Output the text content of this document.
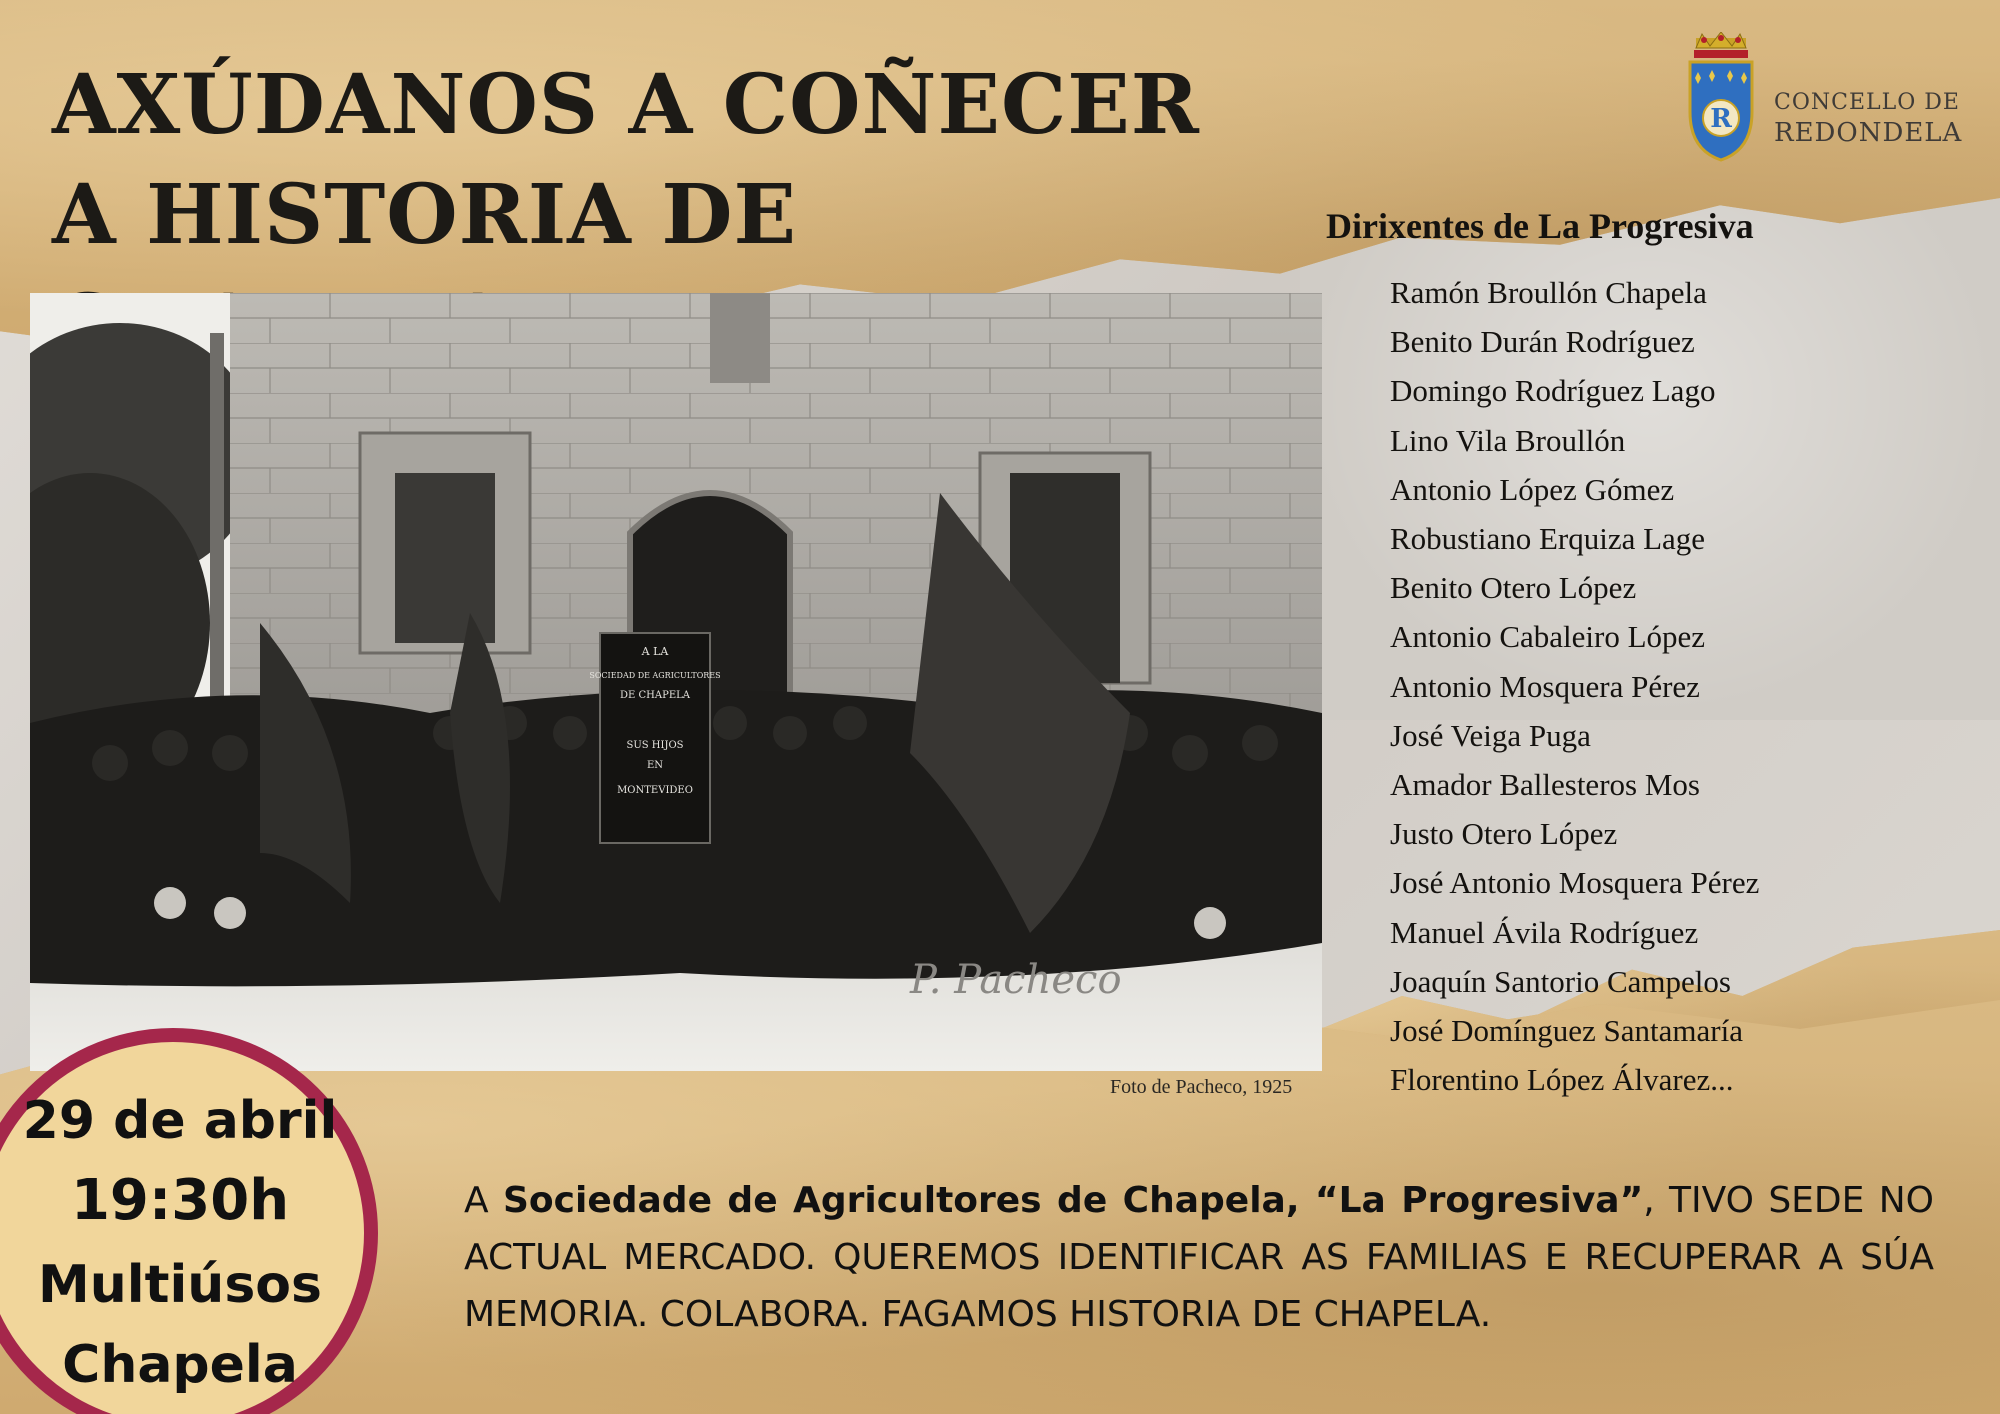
AXÚDANOS A COÑECER A HISTORIA DE
R
CONCELLO DE
REDONDELA
A LA
SOCIEDAD DE AGRICULTORES
DE CHAPELA
SUS HIJOS
EN
MONTEVIDEO
P. Pacheco
Foto de Pacheco, 1925
Dirixentes de La Progresiva
Ramón Broullón Chapela
Benito Durán Rodríguez
Domingo Rodríguez Lago
Lino Vila Broullón
Antonio López Gómez
Robustiano Erquiza Lage
Benito Otero López
Antonio Cabaleiro López
Antonio Mosquera Pérez
José Veiga Puga
Amador Ballesteros Mos
Justo Otero López
José Antonio Mosquera Pérez
Manuel Ávila Rodríguez
Joaquín Santorio Campelos
José Domínguez Santamaría
Florentino López Álvarez...
29 de abril
19:30h
Multiúsos
Chapela

A Sociedade de Agricultores de Chapela, “La Progresiva”, TIVO SEDE NO ACTUAL MERCADO. QUEREMOS IDENTIFICAR AS FAMILIAS E RECUPERAR A SÚA MEMORIA. COLABORA. FAGAMOS HISTORIA DE CHAPELA.
